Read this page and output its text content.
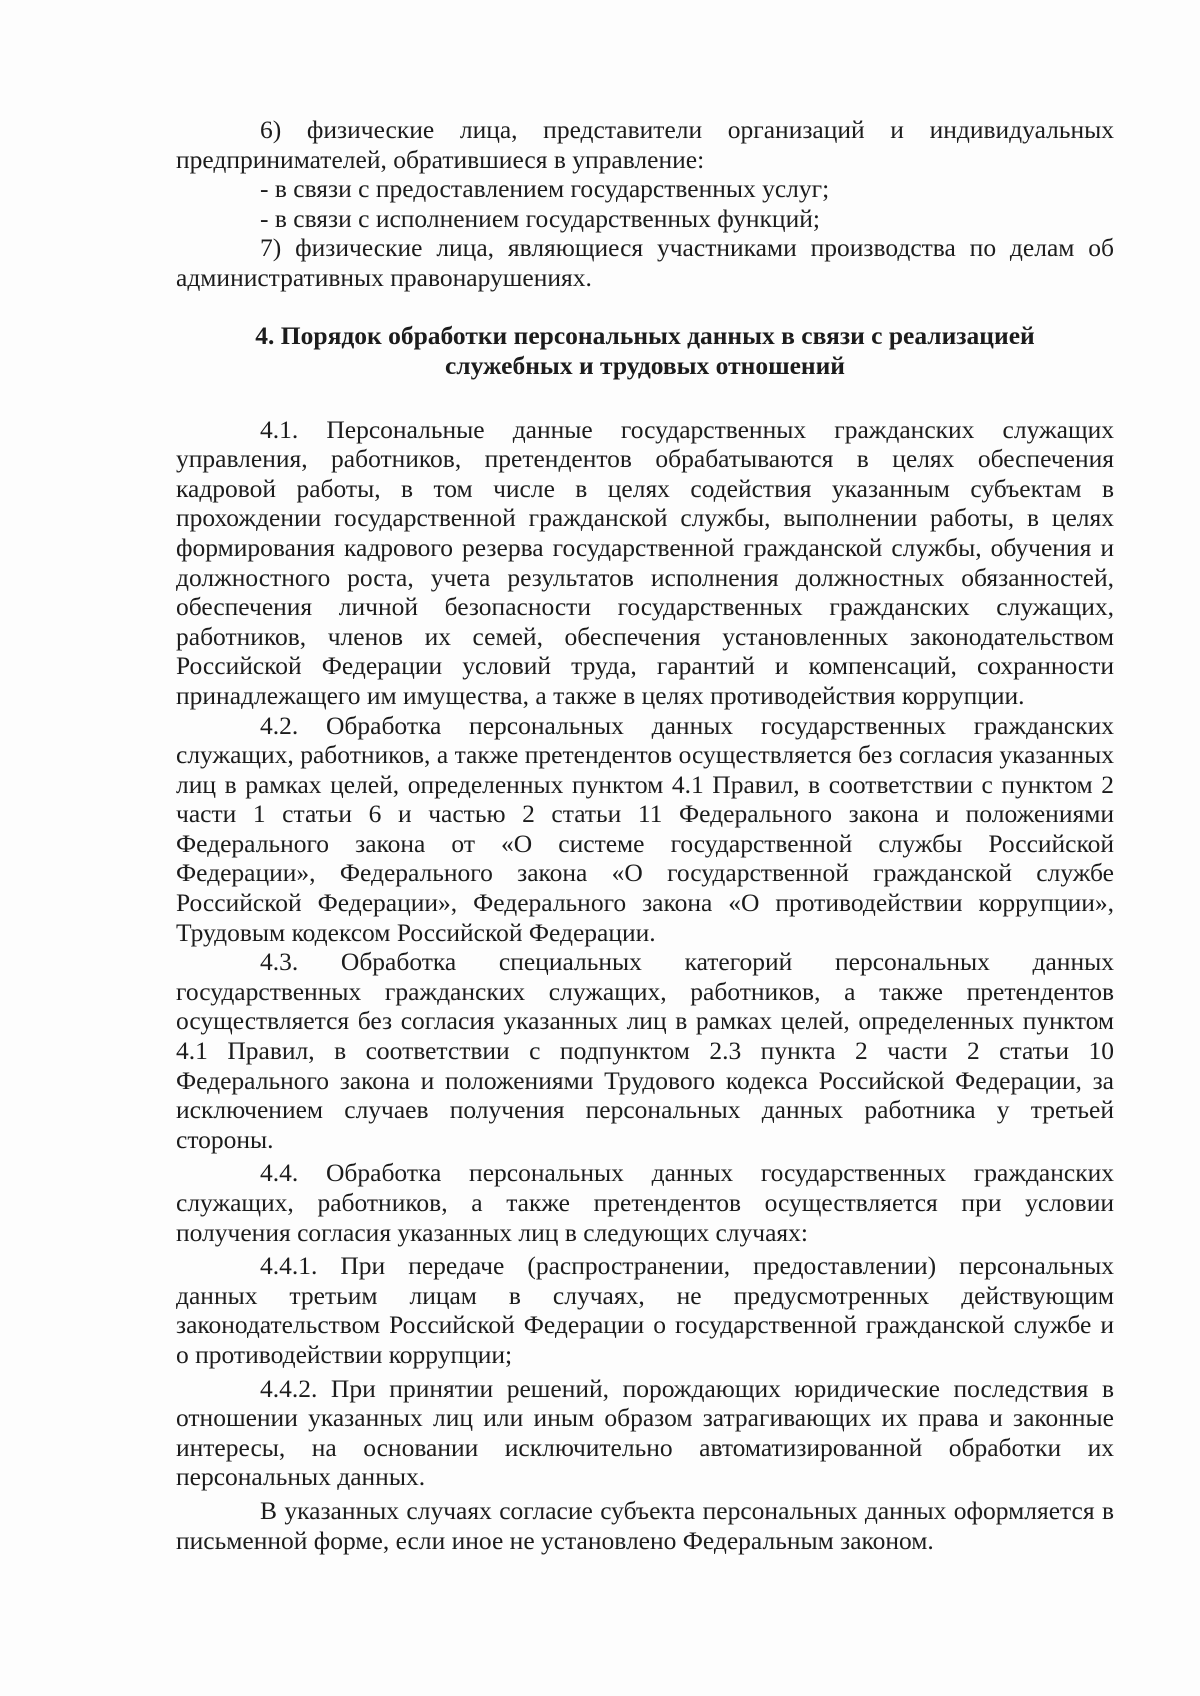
6) физические лица, представители организаций и индивидуальных предпринимателей, обратившиеся в управление:

- в связи с предоставлением государственных услуг;

- в связи с исполнением государственных функций;

7) физические лица, являющиеся участниками производства по делам об административных правонарушениях.

4. Порядок обработки персональных данных в связи с реализацией служебных и трудовых отношений

4.1. Персональные данные государственных гражданских служащих управления, работников, претендентов обрабатываются в целях обеспечения кадровой работы, в том числе в целях содействия указанным субъектам в прохождении государственной гражданской службы, выполнении работы, в целях формирования кадрового резерва государственной гражданской службы, обучения и должностного роста, учета результатов исполнения должностных обязанностей, обеспечения личной безопасности государственных гражданских служащих, работников, членов их семей, обеспечения установленных законодательством Российской Федерации условий труда, гарантий и компенсаций, сохранности принадлежащего им имущества, а также в целях противодействия коррупции.

4.2. Обработка персональных данных государственных гражданских служащих, работников, а также претендентов осуществляется без согласия указанных лиц в рамках целей, определенных пунктом 4.1 Правил, в соответствии с пунктом 2 части 1 статьи 6 и частью 2 статьи 11 Федерального закона и положениями Федерального закона от «О системе государственной службы Российской Федерации», Федерального закона «О государственной гражданской службе Российской Федерации», Федерального закона «О противодействии коррупции», Трудовым кодексом Российской Федерации.

4.3. Обработка специальных категорий персональных данных государственных гражданских служащих, работников, а также претендентов осуществляется без согласия указанных лиц в рамках целей, определенных пунктом 4.1 Правил, в соответствии с подпунктом 2.3 пункта 2 части 2 статьи 10 Федерального закона и положениями Трудового кодекса Российской Федерации, за исключением случаев получения персональных данных работника у третьей стороны.

4.4. Обработка персональных данных государственных гражданских служащих, работников, а также претендентов осуществляется при условии получения согласия указанных лиц в следующих случаях:

4.4.1. При передаче (распространении, предоставлении) персональных данных третьим лицам в случаях, не предусмотренных действующим законодательством Российской Федерации о государственной гражданской службе и о противодействии коррупции;

4.4.2. При принятии решений, порождающих юридические последствия в отношении указанных лиц или иным образом затрагивающих их права и законные интересы, на основании исключительно автоматизированной обработки их персональных данных.

В указанных случаях согласие субъекта персональных данных оформляется в письменной форме, если иное не установлено Федеральным законом.
